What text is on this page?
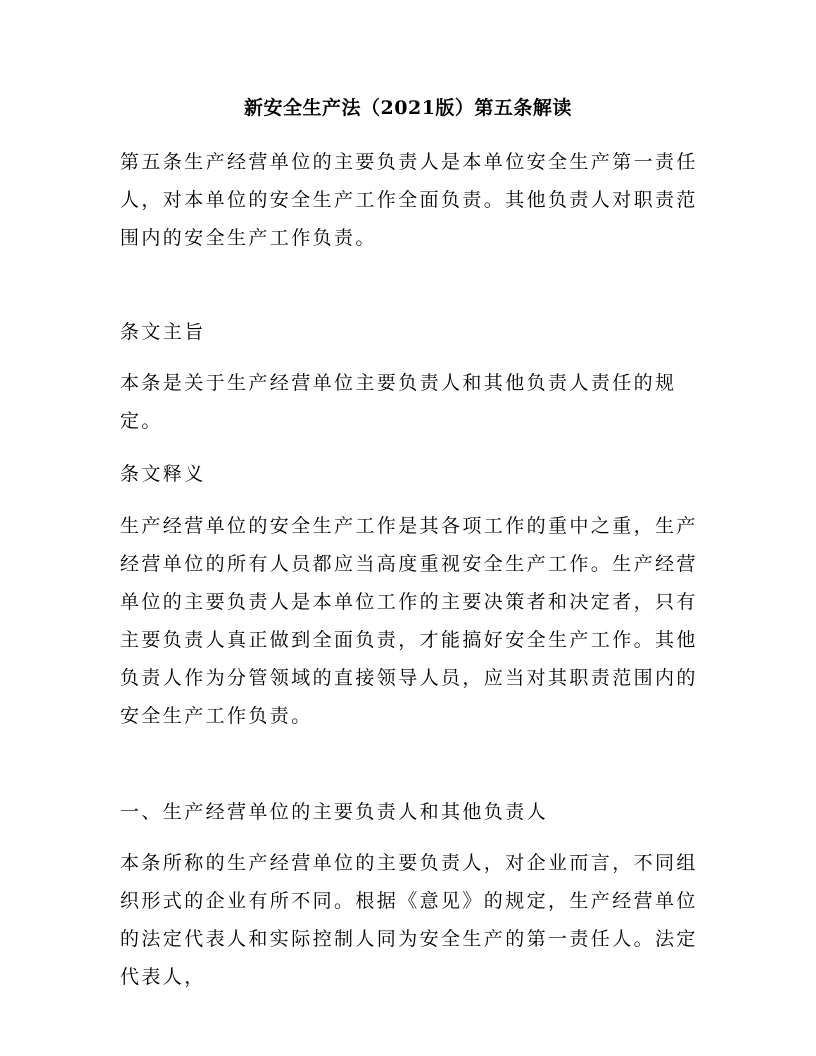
新安全生产法（2021版）第五条解读

第五条生产经营单位的主要负责人是本单位安全生产第一责任人，对本单位的安全生产工作全面负责。其他负责人对职责范围内的安全生产工作负责。

条文主旨

本条是关于生产经营单位主要负责人和其他负责人责任的规定。

条文释义

生产经营单位的安全生产工作是其各项工作的重中之重，生产经营单位的所有人员都应当高度重视安全生产工作。生产经营单位的主要负责人是本单位工作的主要决策者和决定者，只有主要负责人真正做到全面负责，才能搞好安全生产工作。其他负责人作为分管领域的直接领导人员，应当对其职责范围内的安全生产工作负责。

一、生产经营单位的主要负责人和其他负责人

本条所称的生产经营单位的主要负责人，对企业而言，不同组织形式的企业有所不同。根据《意见》的规定，生产经营单位的法定代表人和实际控制人同为安全生产的第一责任人。法定代表人，
